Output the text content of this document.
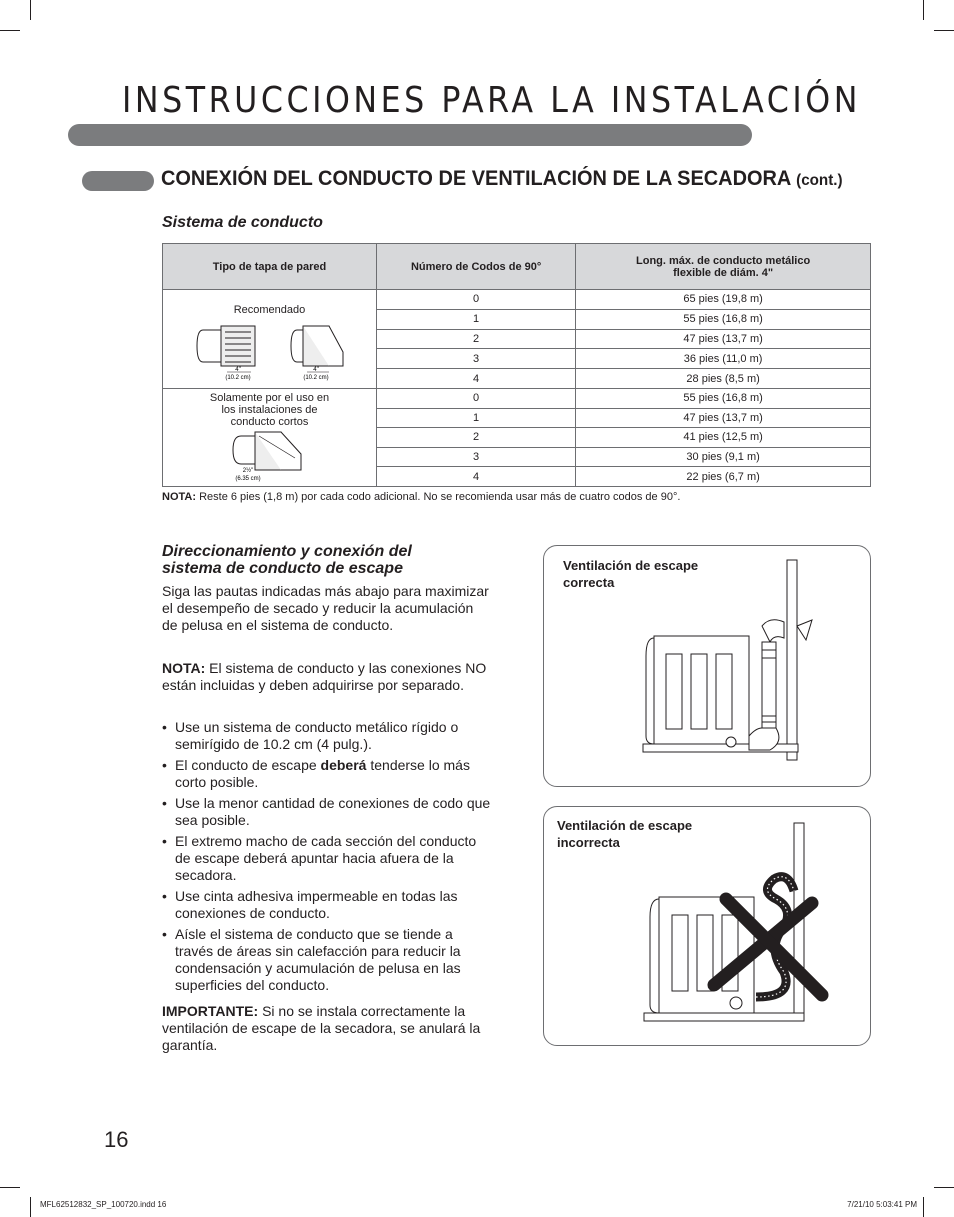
INSTRUCCIONES PARA LA INSTALACIÓN
CONEXIÓN DEL CONDUCTO DE VENTILACIÓN DE LA SECADORA (cont.)
Sistema de conducto
Tipo de tapa de pared	Número de Codos de 90°	Long. máx. de conducto metálico
flexible de diám. 4"

Recomendado
4"
(10.2 cm)
4"
(10.2 cm)	0	65 pies (19,8 m)
	1	55 pies (16,8 m)
	2	47 pies (13,7 m)
	3	36 pies (11,0 m)
	4	28 pies (8,5 m)

Solamente por el uso en
los instalaciones de
conducto cortos
2½"
(6.35 cm)	0	55 pies (16,8 m)
	1	47 pies (13,7 m)
	2	41 pies (12,5 m)
	3	30 pies (9,1 m)
	4	22 pies (6,7 m)
NOTA: Reste 6 pies (1,8 m) por cada codo adicional. No se recomienda usar más de cuatro codos de 90°.
Direccionamiento y conexión del
sistema de conducto de escape
Siga las pautas indicadas más abajo para maximizar el desempeño de secado y reducir la acumulación de pelusa en el sistema de conducto.
NOTA: El sistema de conducto y las conexiones NO están incluidas y deben adquirirse por separado.
• Use un sistema de conducto metálico rígido o semirígido de 10.2 cm (4 pulg.).
• El conducto de escape deberá tenderse lo más corto posible.
• Use la menor cantidad de conexiones de codo que sea posible.
• El extremo macho de cada sección del conducto de escape deberá apuntar hacia afuera de la secadora.
• Use cinta adhesiva impermeable en todas las conexiones de conducto.
• Aísle el sistema de conducto que se tiende a través de áreas sin calefacción para reducir la condensación y acumulación de pelusa en las superficies del conducto.
IMPORTANTE: Si no se instala correctamente la ventilación de escape de la secadora, se anulará la garantía.
Ventilación de escape
correcta
Ventilación de escape
incorrecta
16
MFL62512832_SP_100720.indd 16	7/21/10 5:03:41 PM
